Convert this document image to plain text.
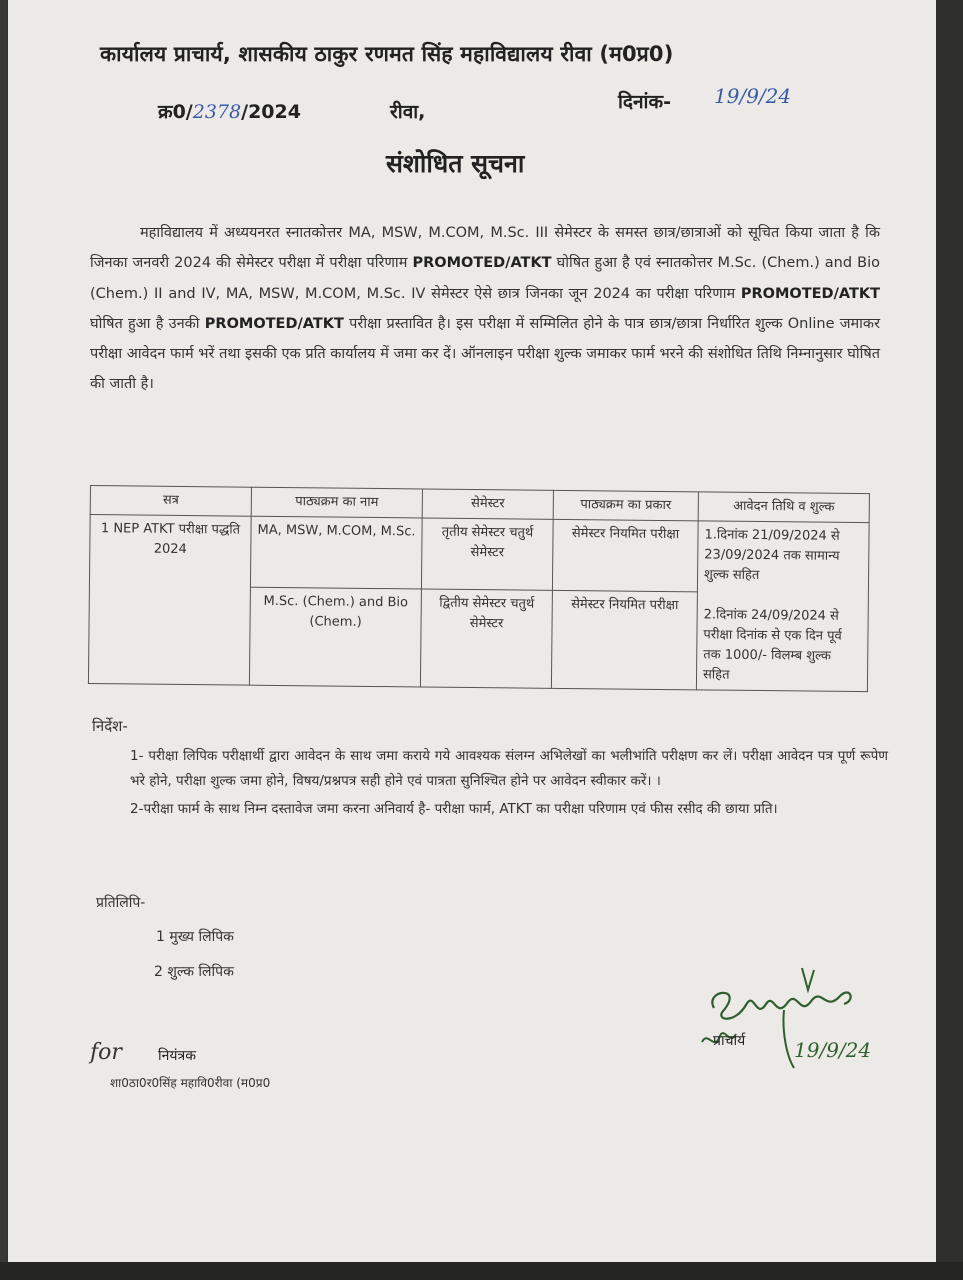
कार्यालय प्राचार्य, शासकीय ठाकुर रणमत सिंह महाविद्यालय रीवा (म0प्र0)
क्र0/2378/2024	रीवा,	दिनांक- 19/9/24
संशोधित सूचना
महाविद्यालय में अध्ययनरत स्नातकोत्तर MA, MSW, M.COM, M.Sc. III सेमेस्टर के समस्त छात्र/छात्राओं को सूचित किया जाता है कि जिनका जनवरी 2024 की सेमेस्टर परीक्षा में परीक्षा परिणाम PROMOTED/ATKT घोषित हुआ है एवं स्नातकोत्तर M.Sc. (Chem.) and Bio (Chem.) II and IV, MA, MSW, M.COM, M.Sc. IV सेमेस्टर ऐसे छात्र जिनका जून 2024 का परीक्षा परिणाम PROMOTED/ATKT घोषित हुआ है उनकी PROMOTED/ATKT परीक्षा प्रस्तावित है। इस परीक्षा में सम्मिलित होने के पात्र छात्र/छात्रा निर्धारित शुल्क Online जमाकर परीक्षा आवेदन फार्म भरें तथा इसकी एक प्रति कार्यालय में जमा कर दें। ऑनलाइन परीक्षा शुल्क जमाकर फार्म भरने की संशोधित तिथि निम्नानुसार घोषित की जाती है।
सत्र	पाठ्यक्रम का नाम	सेमेस्टर	पाठ्यक्रम का प्रकार	आवेदन तिथि व शुल्क
1 NEP ATKT परीक्षा पद्धति 2024	MA, MSW, M.COM, M.Sc.	तृतीय सेमेस्टर चतुर्थ सेमेस्टर	सेमेस्टर नियमित परीक्षा	1.दिनांक 21/09/2024 से 23/09/2024 तक सामान्य शुल्क सहित
2.दिनांक 24/09/2024 से परीक्षा दिनांक से एक दिन पूर्व तक 1000/- विलम्ब शुल्क सहित

	M.Sc. (Chem.) and Bio (Chem.)	द्वितीय सेमेस्टर चतुर्थ सेमेस्टर	सेमेस्टर नियमित परीक्षा	
निर्देश-

1- परीक्षा लिपिक परीक्षार्थी द्वारा आवेदन के साथ जमा कराये गये आवश्यक संलग्न अभिलेखों का भलीभांति परीक्षण कर लें। परीक्षा आवेदन पत्र पूर्ण रूपेण भरे होने, परीक्षा शुल्क जमा होने, विषय/प्रश्नपत्र सही होने एवं पात्रता सुनिश्चित होने पर आवेदन स्वीकार करें। ।

2-परीक्षा फार्म के साथ निम्न दस्तावेज जमा करना अनिवार्य है- परीक्षा फार्म, ATKT का परीक्षा परिणाम एवं फीस रसीद की छाया प्रति।

प्रतिलिपि-
1 मुख्य लिपिक
2 शुल्क लिपिक
for	नियंत्रक
शा0ठा0र0सिंह महावि0रीवा (म0प्र0
प्राचार्य 19/9/24
